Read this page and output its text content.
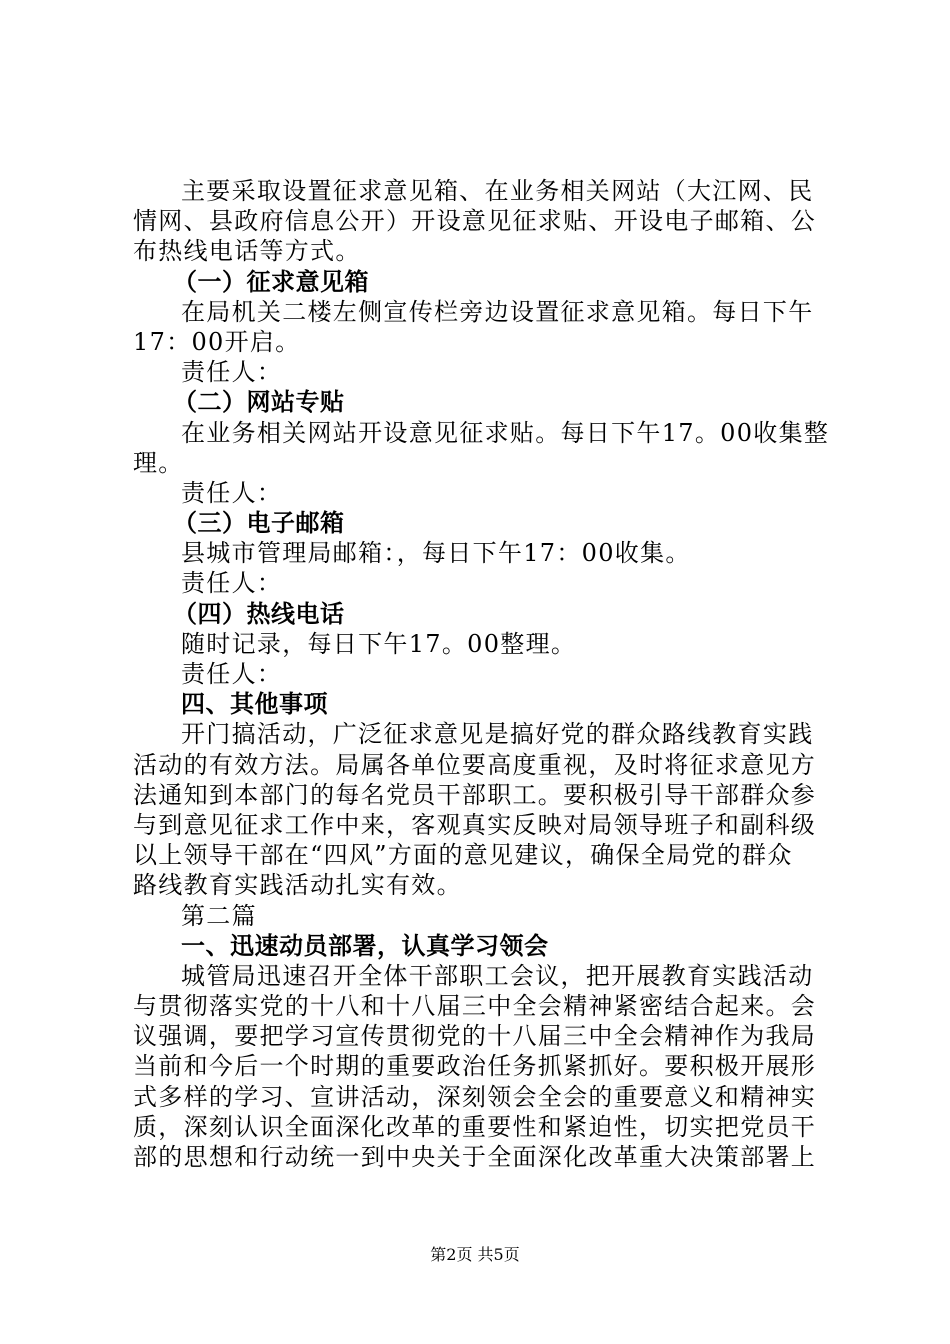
主要采取设置征求意见箱、在业务相关网站（大江网、民
情网、县政府信息公开）开设意见征求贴、开设电子邮箱、公
布热线电话等方式。
（一）征求意见箱
在局机关二楼左侧宣传栏旁边设置征求意见箱。每日下午
17：00开启。
责任人：
（二）网站专贴
在业务相关网站开设意见征求贴。每日下午17。00收集整
理。
责任人：
（三）电子邮箱
县城市管理局邮箱：，每日下午17：00收集。
责任人：
（四）热线电话
随时记录，每日下午17。00整理。
责任人：
四、其他事项
开门搞活动，广泛征求意见是搞好党的群众路线教育实践
活动的有效方法。局属各单位要高度重视，及时将征求意见方
法通知到本部门的每名党员干部职工。要积极引导干部群众参
与到意见征求工作中来，客观真实反映对局领导班子和副科级
以上领导干部在“四风”方面的意见建议，确保全局党的群众
路线教育实践活动扎实有效。
第二篇
一、迅速动员部署，认真学习领会
城管局迅速召开全体干部职工会议，把开展教育实践活动
与贯彻落实党的十八和十八届三中全会精神紧密结合起来。会
议强调，要把学习宣传贯彻党的十八届三中全会精神作为我局
当前和今后一个时期的重要政治任务抓紧抓好。要积极开展形
式多样的学习、宣讲活动，深刻领会全会的重要意义和精神实
质，深刻认识全面深化改革的重要性和紧迫性，切实把党员干
部的思想和行动统一到中央关于全面深化改革重大决策部署上
第2页 共5页
